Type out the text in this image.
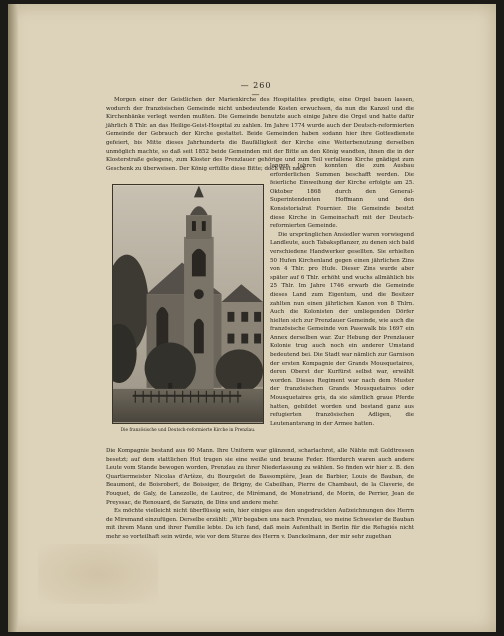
— 260 —

Morgen einer der Geistlichen der Marienkirche des Hospitalites predigte, eine Orgel bauen lassen, wodurch der französischen Gemeinde nicht unbedeutende Kosten erwuchsen, da nun die Kanzel und die Kirchenbänke verlegt werden mußten. Die Gemeinde benutzte auch einige Jahre die Orgel und hatte dafür jährlich 8 Thlr. an das Heilige-Geist-Hospital zu zahlen. Im Jahre 1774 wurde auch der Deutsch-reformierten Gemeinde der Gebrauch der Kirche gestattet. Beide Gemeinden haben sodann hier ihre Gottesdienste gefeiert, bis Mitte dieses Jahrhunderts die Baufälligkeit der Kirche eine Weiterbenutzung derselben unmöglich machte, so daß seit 1852 beide Gemeinden mit der Bitte an den König wandten, ihnen die in der Klosterstraße gelegene, zum Kloster des Prenzlauer gehörige und zum Teil verfallene Kirche gnädigst zum Geschenk zu überweisen. Der König erfüllte diese Bitte; doch erst nach

Die französische und Deutsch-reformierte Kirche in Prenzlau.

langen Jahren konnten die zum Ausbau erforderlichen Summen beschafft werden. Die feierliche Einweihung der Kirche erfolgte am 25. Oktober 1868 durch den General-Superintendenten Hoffmann und den Konsistorialrat Fournier. Die Gemeinde besitzt diese Kirche in Gemeinschaft mit der Deutsch-reformierten Gemeinde.

Die ursprünglichen Ansiedler waren vorwiegend Landleute, auch Tabakspflanzer, zu denen sich bald verschiedene Handwerker gesellten. Sie erhielten 50 Hufen Kirchenland gegen einen jährlichen Zins von 4 Thlr. pro Hufe. Dieser Zins wurde aber später auf 6 Thlr. erhöht und wuchs allmählich bis 25 Thlr. Im Jahre 1746 erwarb die Gemeinde dieses Land zum Eigentum, und die Besitzer zahlten nun einen jährlichen Kanon von 8 Thlrn. Auch die Kolonisten der umliegenden Dörfer hielten sich zur Prenzlauer Gemeinde, wie auch die französische Gemeinde von Pasewalk bis 1697 ein Annex derselben war. Zur Hebung der Prenzlauer Kolonie trug auch noch ein anderer Umstand bedeutend bei. Die Stadt war nämlich zur Garnison der ersten Kompagnie der Grands Mousquetaires, deren Oberst der Kurfürst selbst war, erwählt worden. Dieses Regiment war nach dem Muster der französischen Grands Mousquetaires oder Mousquetaires gris, da sie sämtlich graue Pferde hatten, gebildet worden und bestand ganz aus refugierten französischen Adligen, die Leutenantsrang in der Armee hatten.

Die Kompagnie bestand aus 60 Mann. Ihre Uniform war glänzend, scharlachrot, alle Nähte mit Goldtressen besetzt; auf dem stattlichen Hut trugen sie eine weiße und braune Feder. Hierdurch waren auch andere Leute vom Stande bewogen worden, Prenzlau zu ihrer Niederlassung zu wählen. So finden wir hier z. B. den Quartiermeister Nicolas d'Artèze, du Bourgelet de Bassompière, Jean de Barbier, Louis de Bauban, de Beaumont, de Boisrobert, de Boissiger, de Brigny, de Cabeilhan, Pierre de Chambaut, de la Claverie, de Fouquet, de Galy, de Lanezolle, de Lautrec, de Mirémand, de Monstriand, de Morin, de Perrier, Jean de Preyssac, de Renouard, de Sarazin, de Dins und andere mehr.

Es möchte vielleicht nicht überflüssig sein, hier einiges aus den ungedruckten Aufzeichnungen des Herrn de Miremand einzufügen. Derselbe erzählt: „Wir begaben uns nach Prenzlau, wo meine Schwester de Bauban mit ihrem Mann und ihrer Familie lebte. Da ich fand, daß mein Aufenthalt in Berlin für die Refugiés nicht mehr so vorteilhaft sein würde, wie vor dem Sturze des Herrn v. Danckelmann, der mir sehr zugethan
